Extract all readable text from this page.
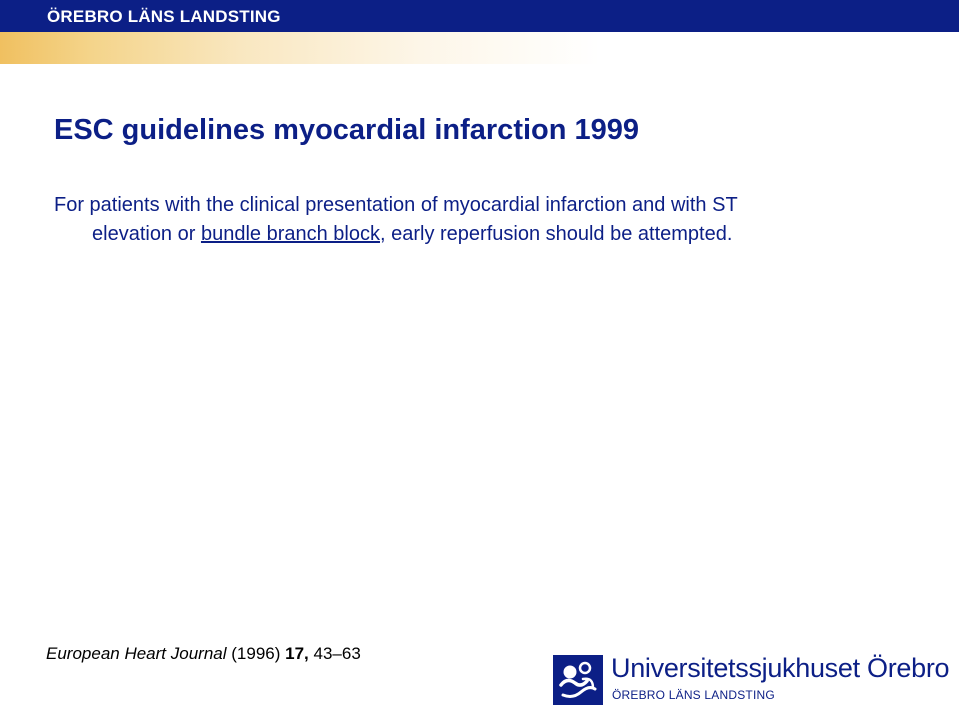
ÖREBRO LÄNS LANDSTING
ESC guidelines myocardial infarction 1999
For patients with the clinical presentation of myocardial infarction and with ST
elevation or bundle branch block, early reperfusion should be attempted.
European Heart Journal (1996) 17, 43–63	Universitetssjukhuset Örebro
ÖREBRO LÄNS LANDSTING
